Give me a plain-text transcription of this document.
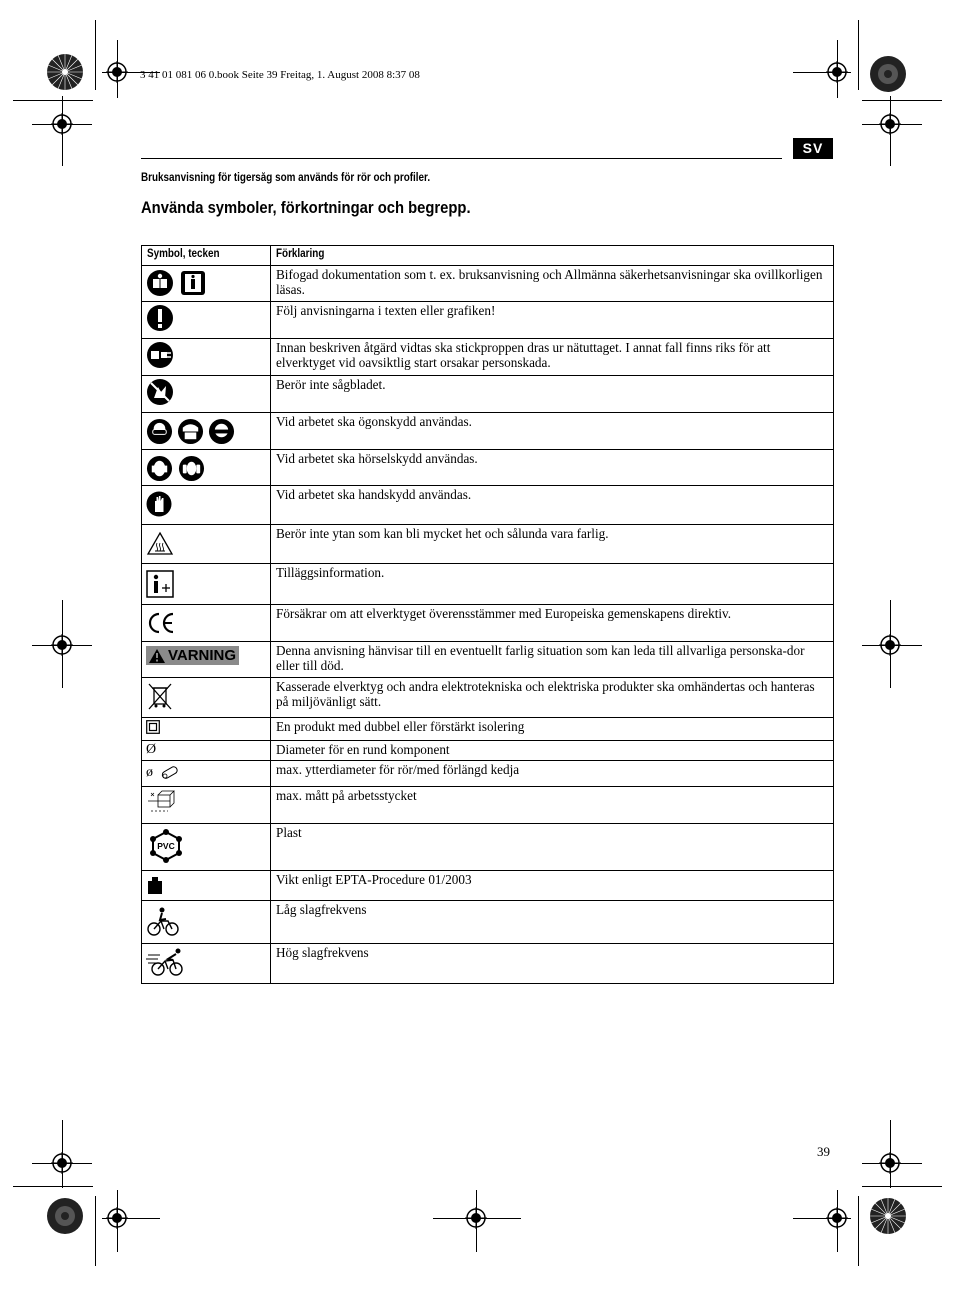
3 41 01 081 06 0.book Seite 39 Freitag, 1. August 2008 8:37 08
SV
Bruksanvisning för tigersåg som används för rör och profiler.
Använda symboler, förkortningar och begrepp.
Symbol, tecken	Förklaring

	Bifogad dokumentation som t. ex. bruksanvisning och Allmänna säkerhetsanvisningar ska ovillkorligen läsas.
	Följ anvisningarna i texten eller grafiken!
	Innan beskriven åtgärd vidtas ska stickproppen dras ur nätuttaget. I annat fall finns riks för att elverktyget vid oavsiktlig start orsakar personskada.
	Berör inte sågbladet.

	Vid arbetet ska ögonskydd användas.

	Vid arbetet ska hörselskydd användas.
	Vid arbetet ska handskydd användas.
	Berör inte ytan som kan bli mycket het och sålunda vara farlig.
	Tilläggsinformation.
	Försäkrar om att elverktyget överensstämmer med Europeiska gemenskapens direktiv.

VARNING	Denna anvisning hänvisar till en eventuellt farlig situation som kan leda till allvarliga personska-dor eller till död.
	Kasserade elverktyg och andra elektrotekniska och elektriska produkter ska omhändertas och hanteras på miljövänligt sätt.
	En produkt med dubbel eller förstärkt isolering
Ø	Diameter för en rund komponent

ø	max. ytterdiameter för rör/med förlängd kedja
	max. mått på arbetsstycket

PVC	Plast
	Vikt enligt EPTA-Procedure 01/2003
	Låg slagfrekvens
	Hög slagfrekvens
39
